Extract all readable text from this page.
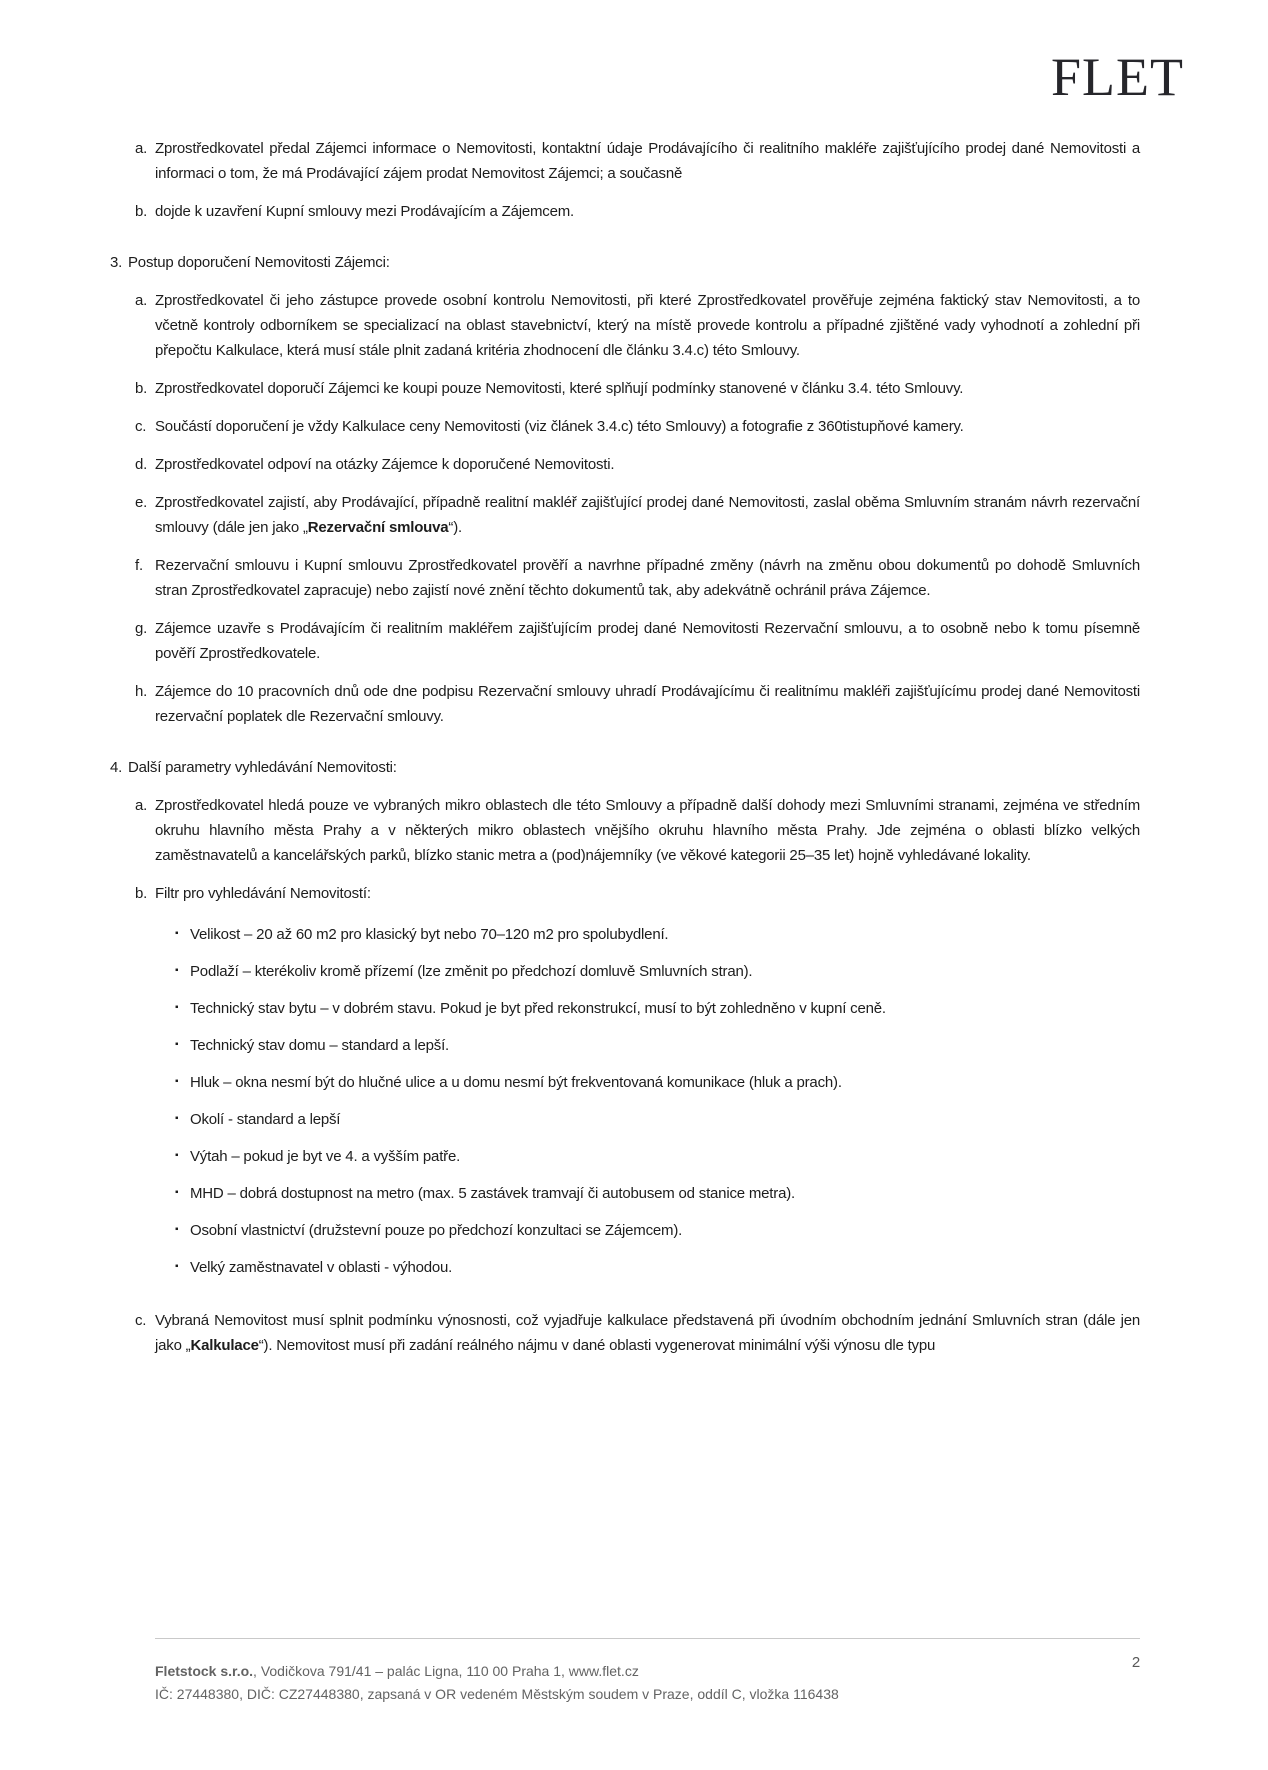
FLET
a. Zprostředkovatel předal Zájemci informace o Nemovitosti, kontaktní údaje Prodávajícího či realitního makléře zajišťujícího prodej dané Nemovitosti a informaci o tom, že má Prodávající zájem prodat Nemovitost Zájemci; a současně
b. dojde k uzavření Kupní smlouvy mezi Prodávajícím a Zájemcem.
3. Postup doporučení Nemovitosti Zájemci:
a. Zprostředkovatel či jeho zástupce provede osobní kontrolu Nemovitosti, při které Zprostředkovatel prověřuje zejména faktický stav Nemovitosti, a to včetně kontroly odborníkem se specializací na oblast stavebnictví, který na místě provede kontrolu a případné zjištěné vady vyhodnotí a zohlední při přepočtu Kalkulace, která musí stále plnit zadaná kritéria zhodnocení dle článku 3.4.c) této Smlouvy.
b. Zprostředkovatel doporučí Zájemci ke koupi pouze Nemovitosti, které splňují podmínky stanovené v článku 3.4. této Smlouvy.
c. Součástí doporučení je vždy Kalkulace ceny Nemovitosti (viz článek 3.4.c) této Smlouvy) a fotografie z 360tistupňové kamery.
d. Zprostředkovatel odpoví na otázky Zájemce k doporučené Nemovitosti.
e. Zprostředkovatel zajistí, aby Prodávající, případně realitní makléř zajišťující prodej dané Nemovitosti, zaslal oběma Smluvním stranám návrh rezervační smlouvy (dále jen jako „Rezervační smlouva“).
f. Rezervační smlouvu i Kupní smlouvu Zprostředkovatel prověří a navrhne případné změny (návrh na změnu obou dokumentů po dohodě Smluvních stran Zprostředkovatel zapracuje) nebo zajistí nové znění těchto dokumentů tak, aby adekvátně ochránil práva Zájemce.
g. Zájemce uzavře s Prodávajícím či realitním makléřem zajišťujícím prodej dané Nemovitosti Rezervační smlouvu, a to osobně nebo k tomu písemně pověří Zprostředkovatele.
h. Zájemce do 10 pracovních dnů ode dne podpisu Rezervační smlouvy uhradí Prodávajícímu či realitnímu makléři zajišťujícímu prodej dané Nemovitosti rezervační poplatek dle Rezervační smlouvy.
4. Další parametry vyhledávání Nemovitosti:
a. Zprostředkovatel hledá pouze ve vybraných mikro oblastech dle této Smlouvy a případně další dohody mezi Smluvními stranami, zejména ve středním okruhu hlavního města Prahy a v některých mikro oblastech vnějšího okruhu hlavního města Prahy. Jde zejména o oblasti blízko velkých zaměstnavatelů a kancelářských parků, blízko stanic metra a (pod)nájemníky (ve věkové kategorii 25–35 let) hojně vyhledávané lokality.
b. Filtr pro vyhledávání Nemovitostí:
▪ Velikost – 20 až 60 m2 pro klasický byt nebo 70–120 m2 pro spolubydlení.
▪ Podlaží – kterékoliv kromě přízemí (lze změnit po předchozí domluvě Smluvních stran).
▪ Technický stav bytu – v dobrém stavu. Pokud je byt před rekonstrukcí, musí to být zohledněno v kupní ceně.
▪ Technický stav domu – standard a lepší.
▪ Hluk – okna nesmí být do hlučné ulice a u domu nesmí být frekventovaná komunikace (hluk a prach).
▪ Okolí - standard a lepší
▪ Výtah – pokud je byt ve 4. a vyšším patře.
▪ MHD – dobrá dostupnost na metro (max. 5 zastávek tramvají či autobusem od stanice metra).
▪ Osobní vlastnictví (družstevní pouze po předchozí konzultaci se Zájemcem).
▪ Velký zaměstnavatel v oblasti - výhodou.
c. Vybraná Nemovitost musí splnit podmínku výnosnosti, což vyjadřuje kalkulace představená při úvodním obchodním jednání Smluvních stran (dále jen jako „Kalkulace“). Nemovitost musí při zadání reálného nájmu v dané oblasti vygenerovat minimální výši výnosu dle typu
Fletstock s.r.o., Vodičkova 791/41 – palác Ligna, 110 00 Praha 1, www.flet.cz
IČ: 27448380, DIČ: CZ27448380, zapsaná v OR vedeném Městským soudem v Praze, oddíl C, vložka 116438
2
